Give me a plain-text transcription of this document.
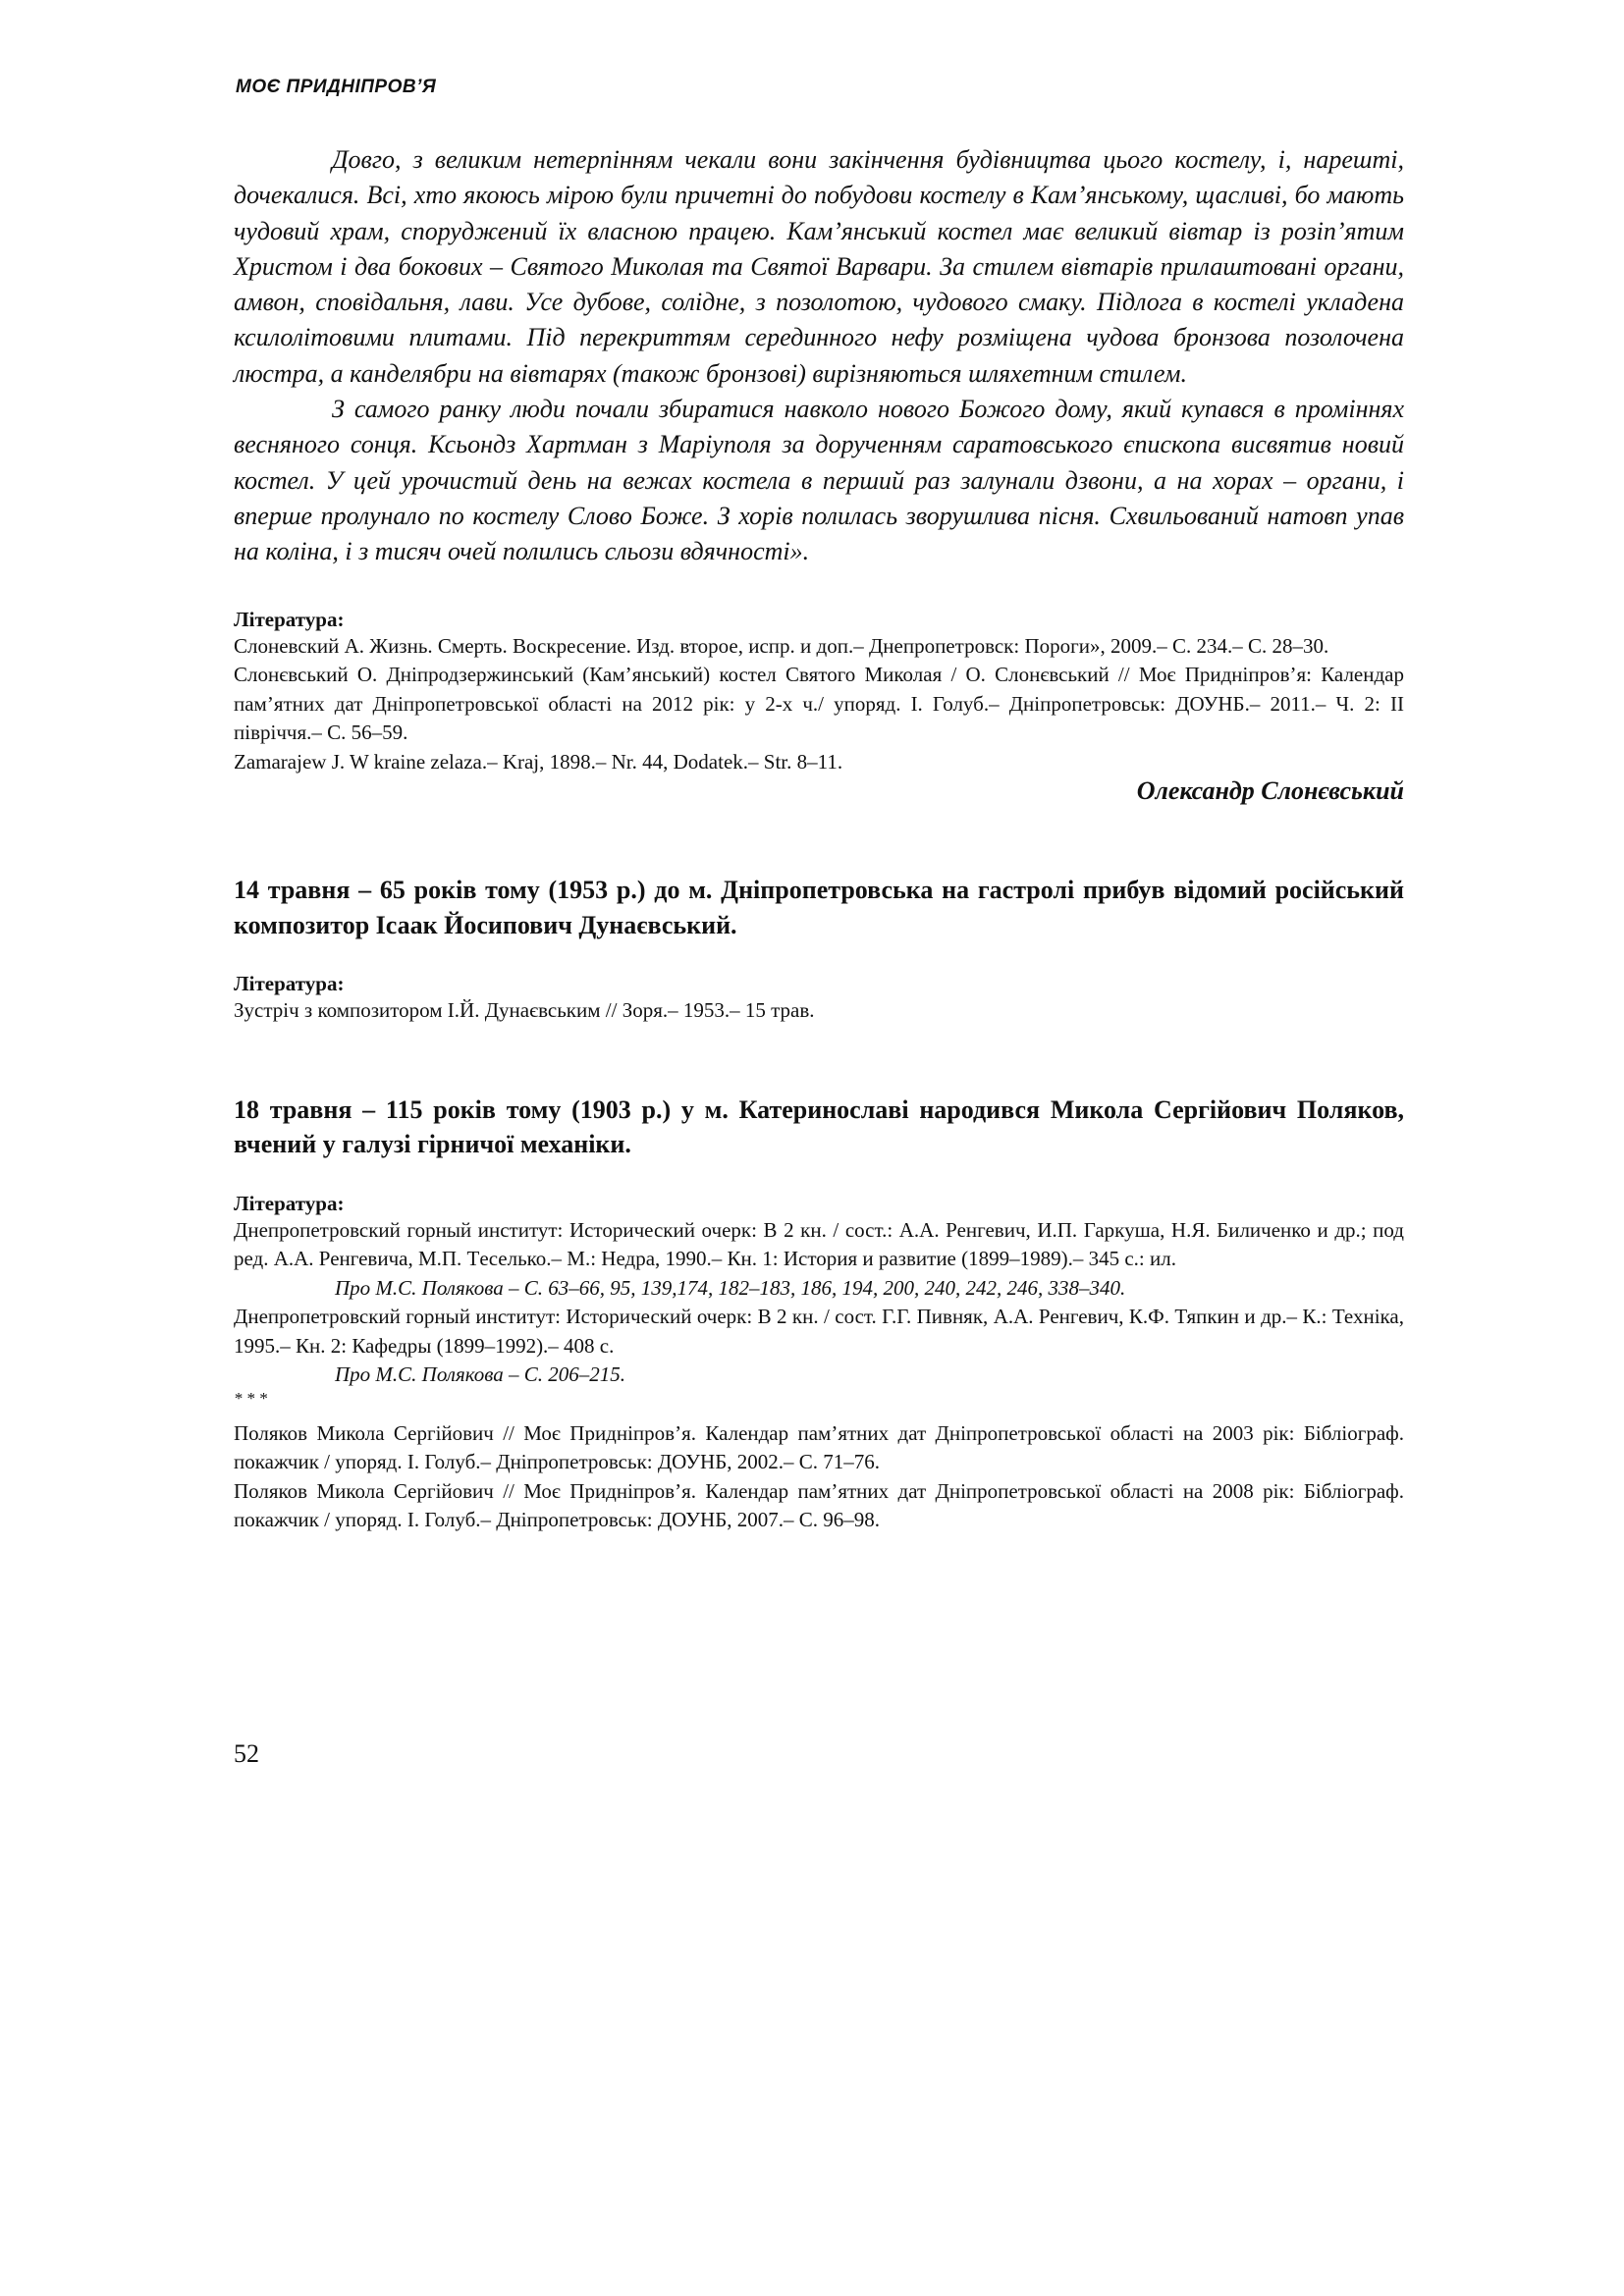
МОЄ ПРИДНІПРОВ’Я

Довго, з великим нетерпінням чекали вони закінчення будівництва цього костелу, і, нарешті, дочекалися. Всі, хто якоюсь мірою були причетні до побудови костелу в Кам’янському, щасливі, бо мають чудовий храм, споруджений їх власною працею. Кам’янський костел має великий вівтар із розіп’ятим Христом і два бокових – Святого Миколая та Святої Варвари. За стилем вівтарів прилаштовані органи, амвон, сповідальня, лави. Усе дубове, солідне, з позолотою, чудового смаку. Підлога в костелі укладена ксилолітовими плитами. Під перекриттям серединного нефу розміщена чудова бронзова позолочена люстра, а канделябри на вівтарях (також бронзові) вирізняються шляхетним стилем.

З самого ранку люди почали збиратися навколо нового Божого дому, який купався в проміннях весняного сонця. Ксьондз Хартман з Маріуполя за дорученням саратовського єпископа висвятив новий костел. У цей урочистий день на вежах костела в перший раз залунали дзвони, а на хорах – органи, і вперше пролунало по костелу Слово Боже. З хорів полилась зворушлива пісня. Схвильований натовп упав на коліна, і з тисяч очей полились сльози вдячності».

Література:

Слоневский А. Жизнь. Смерть. Воскресение. Изд. второе, испр. и доп.– Днепропетровск: Пороги», 2009.– С. 234.– С. 28–30.

Слонєвський О. Дніпродзержинський (Кам’янський) костел Святого Миколая / О. Слонєвський // Моє Придніпров’я: Календар пам’ятних дат Дніпропетровської області на 2012 рік: у 2-х ч./ упоряд. І. Голуб.– Дніпропетровськ: ДОУНБ.– 2011.– Ч. 2: ІІ півріччя.– С. 56–59.

Zamarajew J. W kraine zelaza.– Kraj, 1898.– Nr. 44, Dodatek.– Str. 8–11.

Олександр Слонєвський

14 травня – 65 років тому (1953 р.) до м. Дніпропетровська на гастролі прибув відомий російський композитор Ісаак Йосипович Дунаєвський.

Література:

Зустріч з композитором І.Й. Дунаєвським // Зоря.– 1953.– 15 трав.

18 травня – 115 років тому (1903 р.) у м. Катеринославі народився Микола Сергійович Поляков, вчений у галузі гірничої механіки.

Література:

Днепропетровский горный институт: Исторический очерк: В 2 кн. / сост.: А.А. Ренгевич, И.П. Гаркуша, Н.Я. Биличенко и др.; под ред. А.А. Ренгевича, М.П. Тeселько.– М.: Недра, 1990.– Кн. 1: История и развитие (1899–1989).– 345 с.: ил.

Про М.С. Полякова – С. 63–66, 95, 139,174, 182–183, 186, 194, 200, 240, 242, 246, 338–340.

Днепропетровский горный институт: Исторический очерк: В 2 кн. / сост. Г.Г. Пивняк, А.А. Ренгевич, К.Ф. Тяпкин и др.– К.: Техніка, 1995.– Кн. 2: Кафедры (1899–1992).– 408 с.

Про М.С. Полякова – С. 206–215.

* * *

Поляков Микола Сергійович // Моє Придніпров’я. Календар пам’ятних дат Дніпропетровської області на 2003 рік: Бібліограф. покажчик / упоряд. І. Голуб.– Дніпропетровськ: ДОУНБ, 2002.– С. 71–76.

Поляков Микола Сергійович // Моє Придніпров’я. Календар пам’ятних дат Дніпропетровської області на 2008 рік: Бібліограф. покажчик / упоряд. І. Голуб.– Дніпропетровськ: ДОУНБ, 2007.– С. 96–98.

52
